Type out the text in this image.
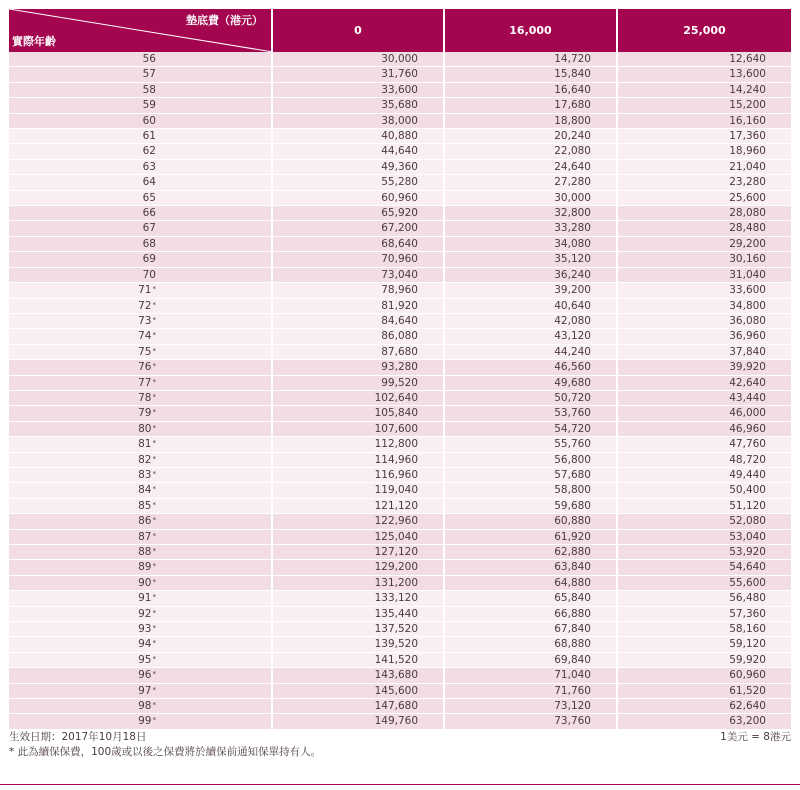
墊底費（港元）
實際年齡	0	16,000	25,000
56	30,000	14,720	12,640
57	31,760	15,840	13,600
58	33,600	16,640	14,240
59	35,680	17,680	15,200
60	38,000	18,800	16,160
61	40,880	20,240	17,360
62	44,640	22,080	18,960
63	49,360	24,640	21,040
64	55,280	27,280	23,280
65	60,960	30,000	25,600
66	65,920	32,800	28,080
67	67,200	33,280	28,480
68	68,640	34,080	29,200
69	70,960	35,120	30,160
70	73,040	36,240	31,040
71*	78,960	39,200	33,600
72*	81,920	40,640	34,800
73*	84,640	42,080	36,080
74*	86,080	43,120	36,960
75*	87,680	44,240	37,840
76*	93,280	46,560	39,920
77*	99,520	49,680	42,640
78*	102,640	50,720	43,440
79*	105,840	53,760	46,000
80*	107,600	54,720	46,960
81*	112,800	55,760	47,760
82*	114,960	56,800	48,720
83*	116,960	57,680	49,440
84*	119,040	58,800	50,400
85*	121,120	59,680	51,120
86*	122,960	60,880	52,080
87*	125,040	61,920	53,040
88*	127,120	62,880	53,920
89*	129,200	63,840	54,640
90*	131,200	64,880	55,600
91*	133,120	65,840	56,480
92*	135,440	66,880	57,360
93*	137,520	67,840	58,160
94*	139,520	68,880	59,120
95*	141,520	69,840	59,920
96*	143,680	71,040	60,960
97*	145,600	71,760	61,520
98*	147,680	73,120	62,640
99*	149,760	73,760	63,200
生效日期：2017年10月18日
* 此為續保保費，100歲或以後之保費將於續保前通知保單持有人。
1美元 = 8港元
